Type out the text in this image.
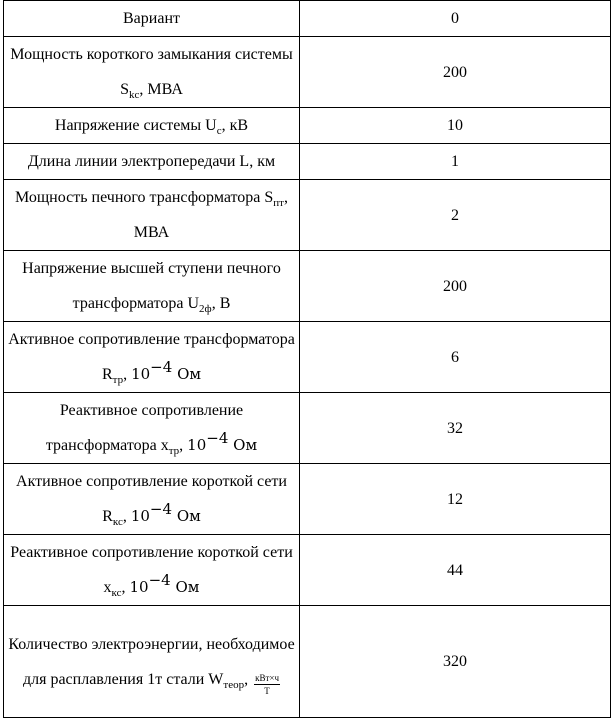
Вариант	0
Мощность короткого замыкания системы $S_{kc}$, МВА	200
Напряжение системы $U_c$, кВ	10
Длина линии электропередачи L, км	1
Мощность печного трансформатора $S_{пт}$, МВА	2
Напряжение высшей ступени печного трансформатора $U_{2ф}$, В	200
Активное сопротивление трансформатора $R_{тр}$, $10^{-4}$ Ом	6
Реактивное сопротивление трансформатора $x_{тр}$, $10^{-4}$ Ом	32
Активное сопротивление короткой сети $R_{кс}$, $10^{-4}$ Ом	12
Реактивное сопротивление короткой сети $x_{кс}$, $10^{-4}$ Ом	44
Количество электроэнергии, необходимое для расплавления 1т стали $W_{теор}$, $\frac{\text{кВт×ч}}{Т}$	320
